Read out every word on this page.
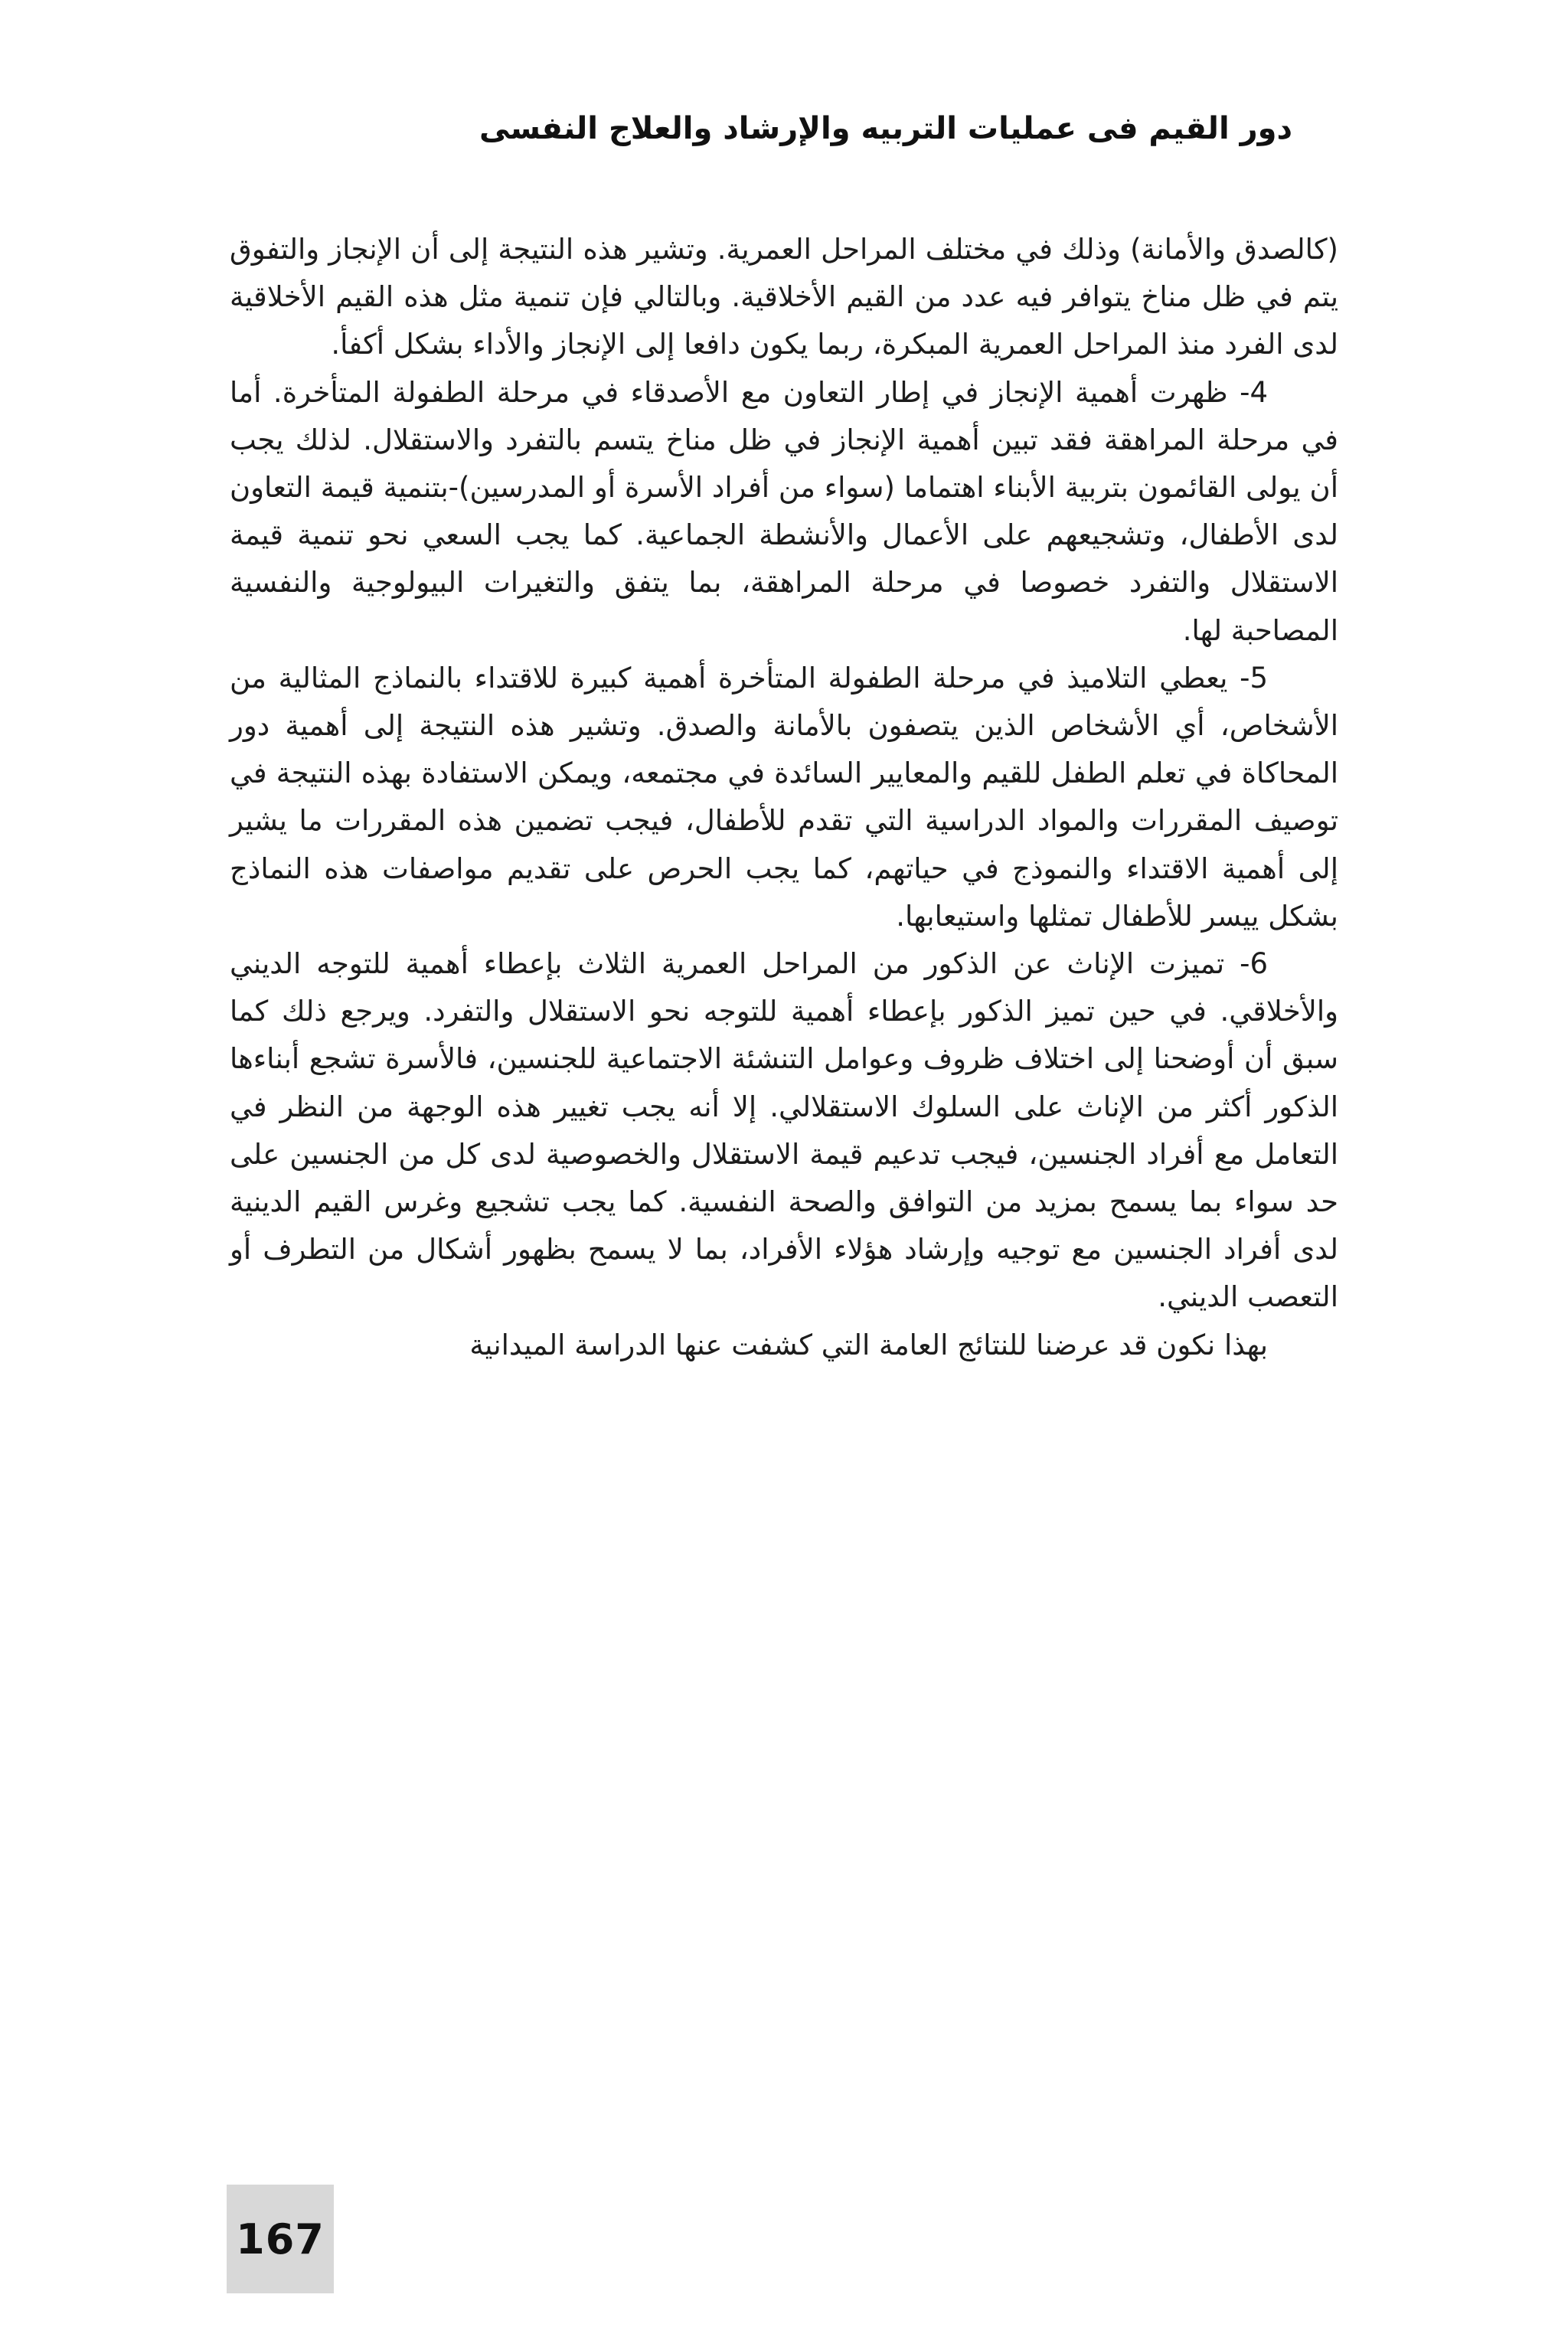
دور القيم فى عمليات التربيه والإرشاد والعلاج النفسى

(كالصدق والأمانة) وذلك في مختلف المراحل العمرية. وتشير هذه النتيجة إلى أن الإنجاز والتفوق يتم في ظل مناخ يتوافر فيه عدد من القيم الأخلاقية. وبالتالي فإن تنمية مثل هذه القيم الأخلاقية لدى الفرد منذ المراحل العمرية المبكرة، ربما يكون دافعا إلى الإنجاز والأداء بشكل أكفأ.

4- ظهرت أهمية الإنجاز في إطار التعاون مع الأصدقاء في مرحلة الطفولة المتأخرة. أما في مرحلة المراهقة فقد تبين أهمية الإنجاز في ظل مناخ يتسم بالتفرد والاستقلال. لذلك يجب أن يولى القائمون بتربية الأبناء اهتماما (سواء من أفراد الأسرة أو المدرسين)-بتنمية قيمة التعاون لدى الأطفال، وتشجيعهم على الأعمال والأنشطة الجماعية. كما يجب السعي نحو تنمية قيمة الاستقلال والتفرد خصوصا في مرحلة المراهقة، بما يتفق والتغيرات البيولوجية والنفسية المصاحبة لها.

5- يعطي التلاميذ في مرحلة الطفولة المتأخرة أهمية كبيرة للاقتداء بالنماذج المثالية من الأشخاص، أي الأشخاص الذين يتصفون بالأمانة والصدق. وتشير هذه النتيجة إلى أهمية دور المحاكاة في تعلم الطفل للقيم والمعايير السائدة في مجتمعه، ويمكن الاستفادة بهذه النتيجة في توصيف المقررات والمواد الدراسية التي تقدم للأطفال، فيجب تضمين هذه المقررات ما يشير إلى أهمية الاقتداء والنموذج في حياتهم، كما يجب الحرص على تقديم مواصفات هذه النماذج بشكل ييسر للأطفال تمثلها واستيعابها.

6- تميزت الإناث عن الذكور من المراحل العمرية الثلاث بإعطاء أهمية للتوجه الديني والأخلاقي. في حين تميز الذكور بإعطاء أهمية للتوجه نحو الاستقلال والتفرد. ويرجع ذلك كما سبق أن أوضحنا إلى اختلاف ظروف وعوامل التنشئة الاجتماعية للجنسين، فالأسرة تشجع أبناءها الذكور أكثر من الإناث على السلوك الاستقلالي. إلا أنه يجب تغيير هذه الوجهة من النظر في التعامل مع أفراد الجنسين، فيجب تدعيم قيمة الاستقلال والخصوصية لدى كل من الجنسين على حد سواء بما يسمح بمزيد من التوافق والصحة النفسية. كما يجب تشجيع وغرس القيم الدينية لدى أفراد الجنسين مع توجيه وإرشاد هؤلاء الأفراد، بما لا يسمح بظهور أشكال من التطرف أو التعصب الديني.

بهذا نكون قد عرضنا للنتائج العامة التي كشفت عنها الدراسة الميدانية

167
